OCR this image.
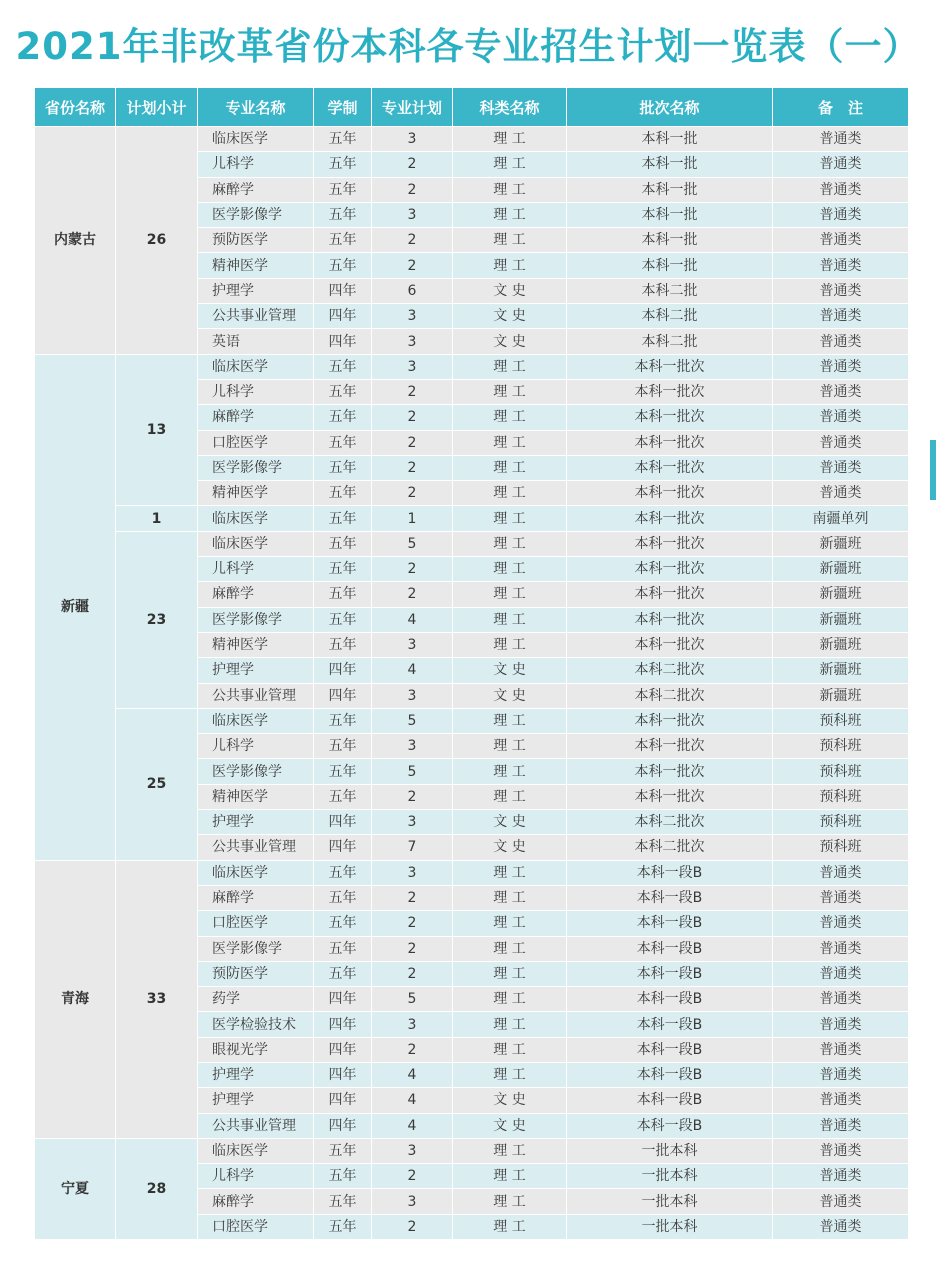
2021年非改革省份本科各专业招生计划一览表（一）
省份名称	计划小计	专业名称	学制	专业计划	科类名称	批次名称	备　注
内蒙古	26	临床医学	五年	3	理 工	本科一批	普通类
		儿科学	五年	2	理 工	本科一批	普通类
		麻醉学	五年	2	理 工	本科一批	普通类
		医学影像学	五年	3	理 工	本科一批	普通类
		预防医学	五年	2	理 工	本科一批	普通类
		精神医学	五年	2	理 工	本科一批	普通类
		护理学	四年	6	文 史	本科二批	普通类
		公共事业管理	四年	3	文 史	本科二批	普通类
		英语	四年	3	文 史	本科二批	普通类
新疆	13	临床医学	五年	3	理 工	本科一批次	普通类
		儿科学	五年	2	理 工	本科一批次	普通类
		麻醉学	五年	2	理 工	本科一批次	普通类
		口腔医学	五年	2	理 工	本科一批次	普通类
		医学影像学	五年	2	理 工	本科一批次	普通类
		精神医学	五年	2	理 工	本科一批次	普通类
	1	临床医学	五年	1	理 工	本科一批次	南疆单列
	23	临床医学	五年	5	理 工	本科一批次	新疆班
		儿科学	五年	2	理 工	本科一批次	新疆班
		麻醉学	五年	2	理 工	本科一批次	新疆班
		医学影像学	五年	4	理 工	本科一批次	新疆班
		精神医学	五年	3	理 工	本科一批次	新疆班
		护理学	四年	4	文 史	本科二批次	新疆班
		公共事业管理	四年	3	文 史	本科二批次	新疆班
	25	临床医学	五年	5	理 工	本科一批次	预科班
		儿科学	五年	3	理 工	本科一批次	预科班
		医学影像学	五年	5	理 工	本科一批次	预科班
		精神医学	五年	2	理 工	本科一批次	预科班
		护理学	四年	3	文 史	本科二批次	预科班
		公共事业管理	四年	7	文 史	本科二批次	预科班
青海	33	临床医学	五年	3	理 工	本科一段B	普通类
		麻醉学	五年	2	理 工	本科一段B	普通类
		口腔医学	五年	2	理 工	本科一段B	普通类
		医学影像学	五年	2	理 工	本科一段B	普通类
		预防医学	五年	2	理 工	本科一段B	普通类
		药学	四年	5	理 工	本科一段B	普通类
		医学检验技术	四年	3	理 工	本科一段B	普通类
		眼视光学	四年	2	理 工	本科一段B	普通类
		护理学	四年	4	理 工	本科一段B	普通类
		护理学	四年	4	文 史	本科一段B	普通类
		公共事业管理	四年	4	文 史	本科一段B	普通类
宁夏	28	临床医学	五年	3	理 工	一批本科	普通类
		儿科学	五年	2	理 工	一批本科	普通类
		麻醉学	五年	3	理 工	一批本科	普通类
		口腔医学	五年	2	理 工	一批本科	普通类
